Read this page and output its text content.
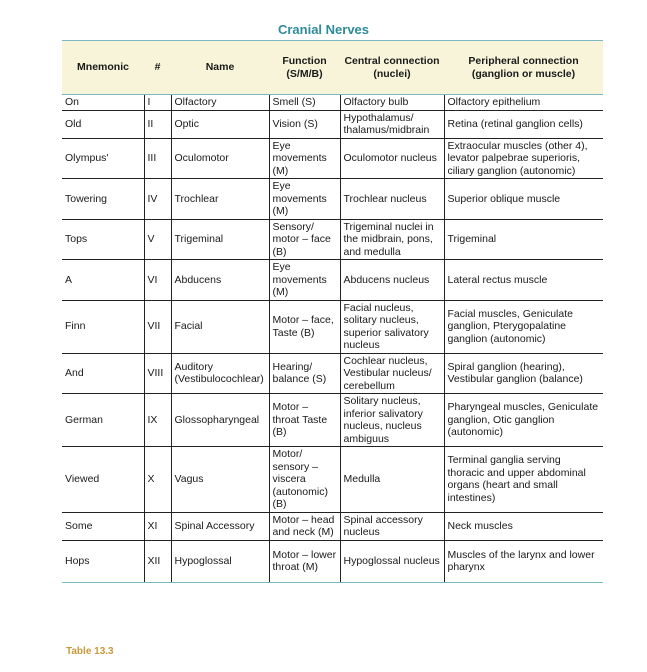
Cranial Nerves
Mnemonic	#	Name	Function (S/M/B)	Central connection (nuclei)	Peripheral connection (ganglion or muscle)
On	I	Olfactory	Smell (S)	Olfactory bulb	Olfactory epithelium
Old	II	Optic	Vision (S)	Hypothalamus/ thalamus/midbrain	Retina (retinal ganglion cells)
Olympus'	III	Oculomotor	Eye movements (M)	Oculomotor nucleus	Extraocular muscles (other 4), levator palpebrae superioris, ciliary ganglion (autonomic)
Towering	IV	Trochlear	Eye movements (M)	Trochlear nucleus	Superior oblique muscle
Tops	V	Trigeminal	Sensory/ motor – face (B)	Trigeminal nuclei in the midbrain, pons, and medulla	Trigeminal
A	VI	Abducens	Eye movements (M)	Abducens nucleus	Lateral rectus muscle
Finn	VII	Facial	Motor – face, Taste (B)	Facial nucleus, solitary nucleus, superior salivatory nucleus	Facial muscles, Geniculate ganglion, Pterygopalatine ganglion (autonomic)
And	VIII	Auditory (Vestibulocochlear)	Hearing/ balance (S)	Cochlear nucleus, Vestibular nucleus/ cerebellum	Spiral ganglion (hearing), Vestibular ganglion (balance)
German	IX	Glossopharyngeal	Motor – throat Taste (B)	Solitary nucleus, inferior salivatory nucleus, nucleus ambiguus	Pharyngeal muscles, Geniculate ganglion, Otic ganglion (autonomic)
Viewed	X	Vagus	Motor/ sensory – viscera (autonomic) (B)	Medulla	Terminal ganglia serving thoracic and upper abdominal organs (heart and small intestines)
Some	XI	Spinal Accessory	Motor – head and neck (M)	Spinal accessory nucleus	Neck muscles
Hops	XII	Hypoglossal	Motor – lower throat (M)	Hypoglossal nucleus	Muscles of the larynx and lower pharynx
Table 13.3
